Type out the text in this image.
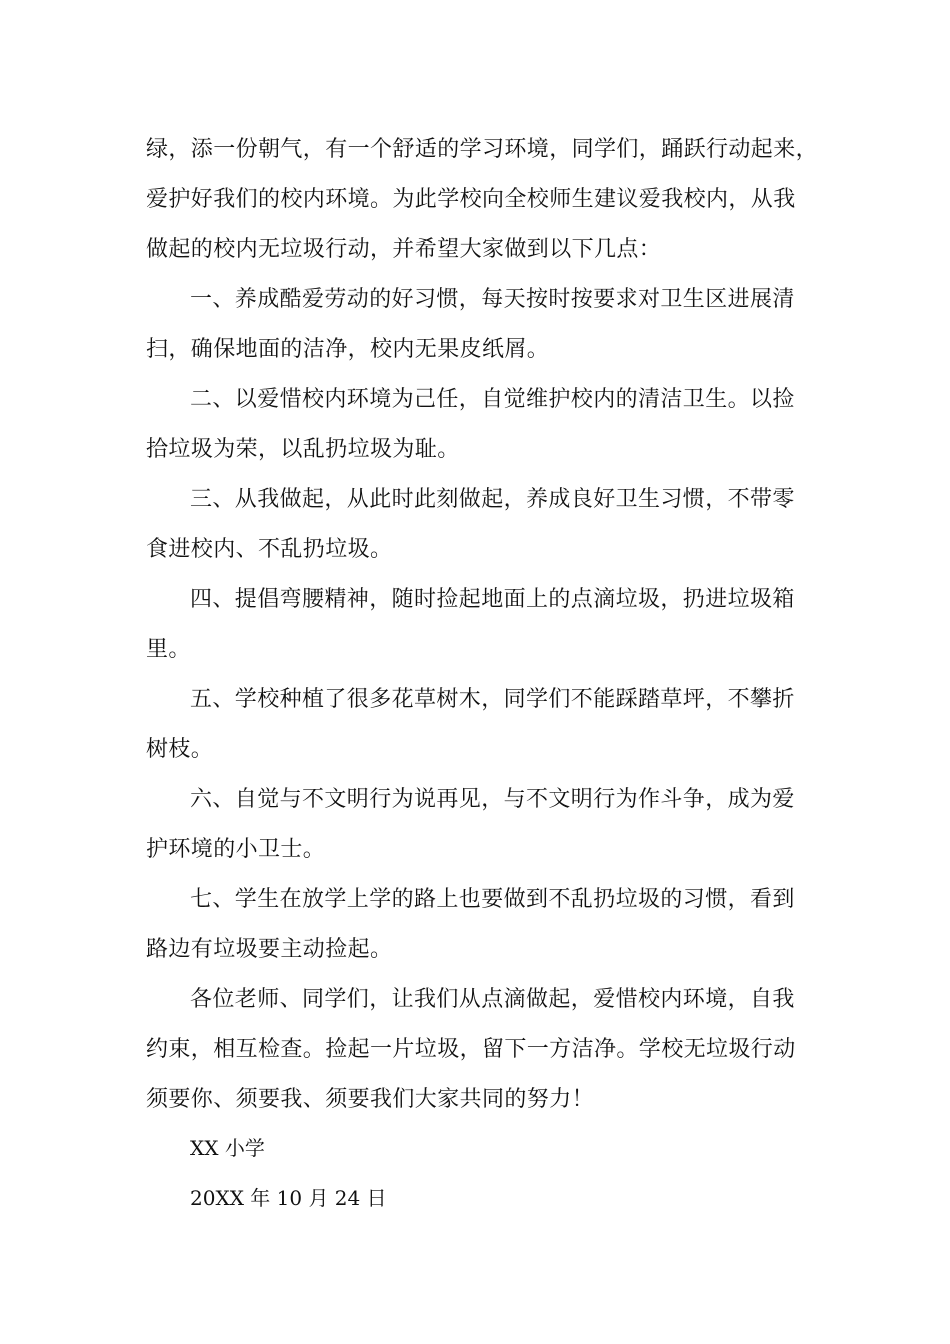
绿，添一份朝气，有一个舒适的学习环境，同学们，踊跃行动起来，
爱护好我们的校内环境。为此学校向全校师生建议爱我校内，从我
做起的校内无垃圾行动，并希望大家做到以下几点：
一、养成酷爱劳动的好习惯，每天按时按要求对卫生区进展清
扫，确保地面的洁净，校内无果皮纸屑。
二、以爱惜校内环境为己任，自觉维护校内的清洁卫生。以捡
拾垃圾为荣，以乱扔垃圾为耻。
三、从我做起，从此时此刻做起，养成良好卫生习惯，不带零
食进校内、不乱扔垃圾。
四、提倡弯腰精神，随时捡起地面上的点滴垃圾，扔进垃圾箱
里。
五、学校种植了很多花草树木，同学们不能踩踏草坪，不攀折
树枝。
六、自觉与不文明行为说再见，与不文明行为作斗争，成为爱
护环境的小卫士。
七、学生在放学上学的路上也要做到不乱扔垃圾的习惯，看到
路边有垃圾要主动捡起。
各位老师、同学们，让我们从点滴做起，爱惜校内环境，自我
约束，相互检查。捡起一片垃圾，留下一方洁净。学校无垃圾行动
须要你、须要我、须要我们大家共同的努力！
XX 小学
20XX 年 10 月 24 日
